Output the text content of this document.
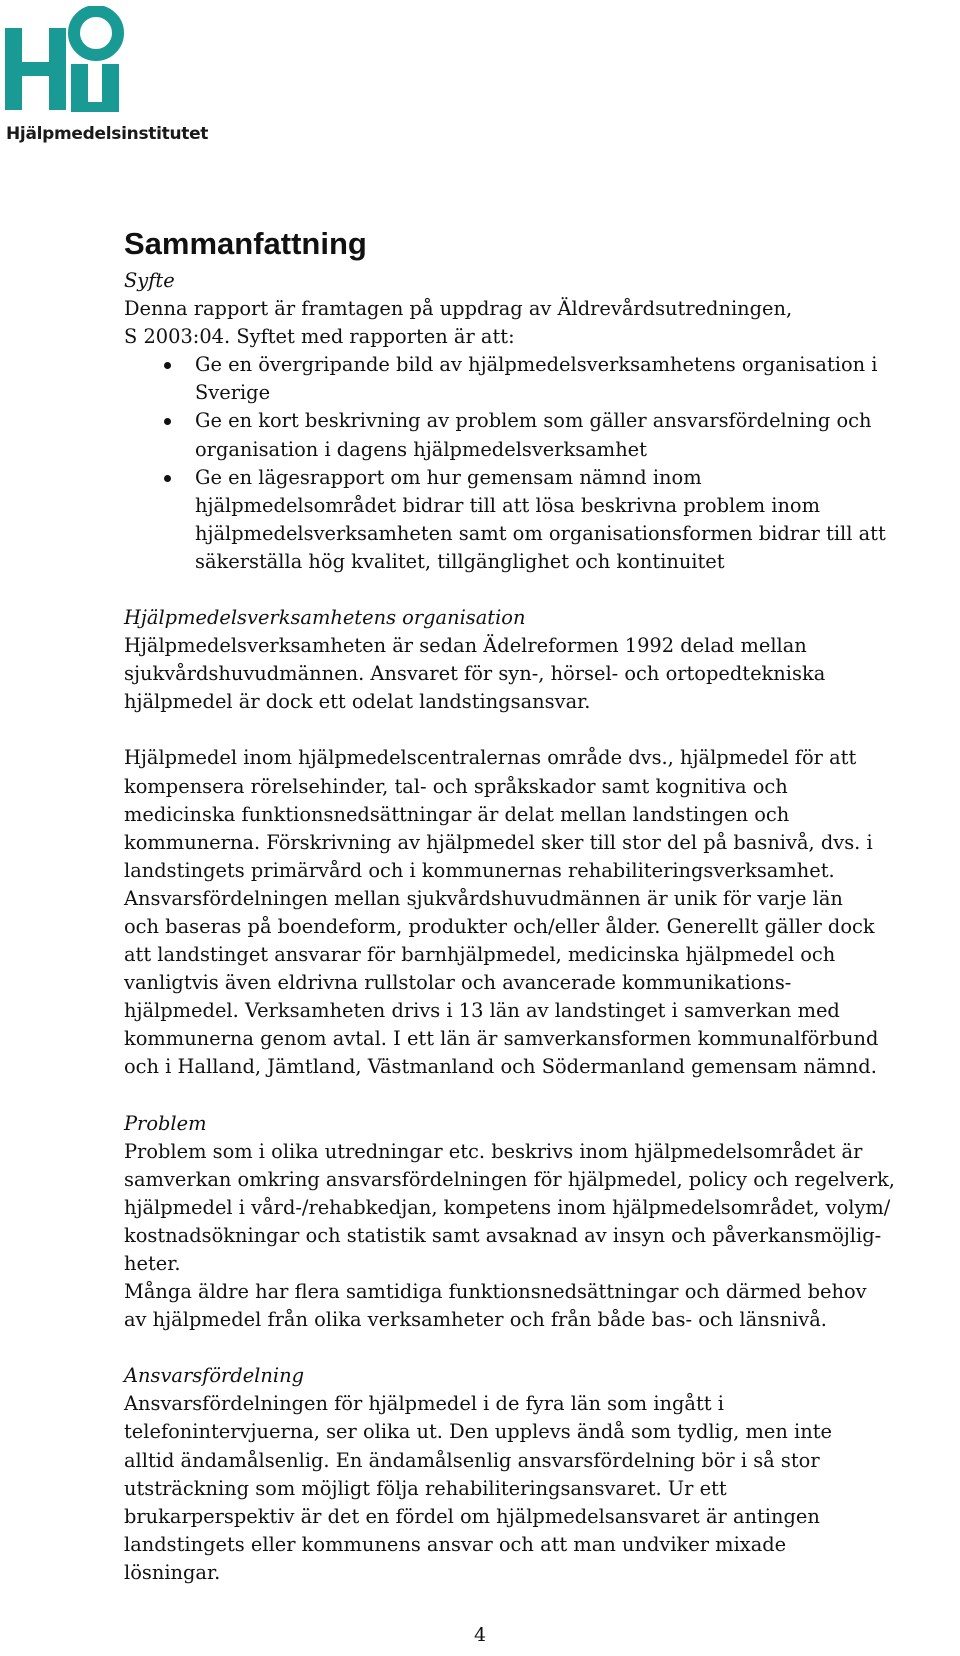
Hjälpmedelsinstitutet
Sammanfattning
Syfte

Denna rapport är framtagen på uppdrag av Äldrevårdsutredningen,
S 2003:04. Syftet med rapporten är att:

Ge en övergripande bild av hjälpmedelsverksamhetens organisation i
Sverige
Ge en kort beskrivning av problem som gäller ansvarsfördelning och
organisation i dagens hjälpmedelsverksamhet
Ge en lägesrapport om hur gemensam nämnd inom
hjälpmedelsområdet bidrar till att lösa beskrivna problem inom
hjälpmedelsverksamheten samt om organisationsformen bidrar till att
säkerställa hög kvalitet, tillgänglighet och kontinuitet
Hjälpmedelsverksamhetens organisation

Hjälpmedelsverksamheten är sedan Ädelreformen 1992 delad mellan
sjukvårdshuvudmännen. Ansvaret för syn-, hörsel- och ortopedtekniska
hjälpmedel är dock ett odelat landstingsansvar.

Hjälpmedel inom hjälpmedelscentralernas område dvs., hjälpmedel för att
kompensera rörelsehinder, tal- och språkskador samt kognitiva och
medicinska funktionsnedsättningar är delat mellan landstingen och
kommunerna. Förskrivning av hjälpmedel sker till stor del på basnivå, dvs. i
landstingets primärvård och i kommunernas rehabiliteringsverksamhet.
Ansvarsfördelningen mellan sjukvårdshuvudmännen är unik för varje län
och baseras på boendeform, produkter och/eller ålder. Generellt gäller dock
att landstinget ansvarar för barnhjälpmedel, medicinska hjälpmedel och
vanligtvis även eldrivna rullstolar och avancerade kommunikations-
hjälpmedel. Verksamheten drivs i 13 län av landstinget i samverkan med
kommunerna genom avtal. I ett län är samverkansformen kommunalförbund
och i Halland, Jämtland, Västmanland och Södermanland gemensam nämnd.

Problem

Problem som i olika utredningar etc. beskrivs inom hjälpmedelsområdet är
samverkan omkring ansvarsfördelningen för hjälpmedel, policy och regelverk,
hjälpmedel i vård-/rehabkedjan, kompetens inom hjälpmedelsområdet, volym/
kostnadsökningar och statistik samt avsaknad av insyn och påverkansmöjlig-
heter.

Många äldre har flera samtidiga funktionsnedsättningar och därmed behov
av hjälpmedel från olika verksamheter och från både bas- och länsnivå.

Ansvarsfördelning

Ansvarsfördelningen för hjälpmedel i de fyra län som ingått i
telefonintervjuerna, ser olika ut. Den upplevs ändå som tydlig, men inte
alltid ändamålsenlig. En ändamålsenlig ansvarsfördelning bör i så stor
utsträckning som möjligt följa rehabiliteringsansvaret. Ur ett
brukarperspektiv är det en fördel om hjälpmedelsansvaret är antingen
landstingets eller kommunens ansvar och att man undviker mixade
lösningar.

4
